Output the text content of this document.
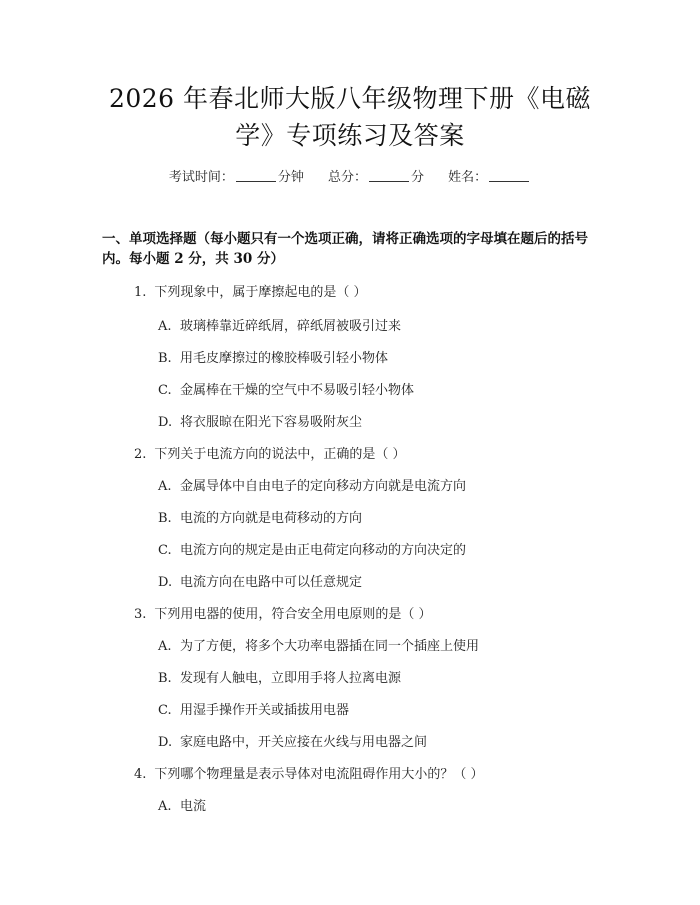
2026 年春北师大版八年级物理下册《电磁
学》专项练习及答案
考试时间：	分钟 总分：	分 姓名：
一、单项选择题（每小题只有一个选项正确，请将正确选项的字母填在题后的括号内。每小题 2 分，共 30 分）
1. 下列现象中，属于摩擦起电的是（ ）
A. 玻璃棒靠近碎纸屑，碎纸屑被吸引过来
B. 用毛皮摩擦过的橡胶棒吸引轻小物体
C. 金属棒在干燥的空气中不易吸引轻小物体
D. 将衣服晾在阳光下容易吸附灰尘
2. 下列关于电流方向的说法中，正确的是（ ）
A. 金属导体中自由电子的定向移动方向就是电流方向
B. 电流的方向就是电荷移动的方向
C. 电流方向的规定是由正电荷定向移动的方向决定的
D. 电流方向在电路中可以任意规定
3. 下列用电器的使用，符合安全用电原则的是（ ）
A. 为了方便，将多个大功率电器插在同一个插座上使用
B. 发现有人触电，立即用手将人拉离电源
C. 用湿手操作开关或插拔用电器
D. 家庭电路中，开关应接在火线与用电器之间
4. 下列哪个物理量是表示导体对电流阻碍作用大小的？（ ）
A. 电流
